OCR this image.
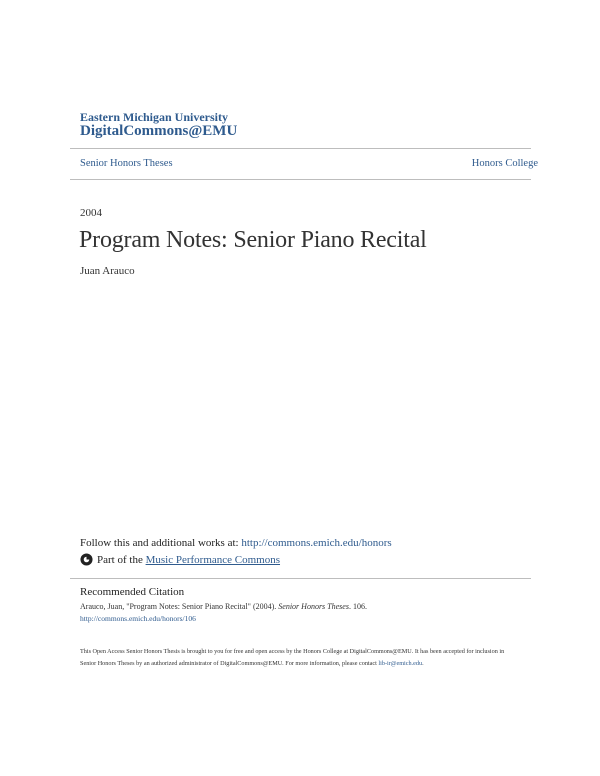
Eastern Michigan University
DigitalCommons@EMU
Senior Honors Theses	Honors College
2004
Program Notes: Senior Piano Recital
Juan Arauco
Follow this and additional works at: http://commons.emich.edu/honors
Part of the
Music Performance Commons
Recommended Citation
Arauco, Juan, "Program Notes: Senior Piano Recital" (2004). Senior Honors Theses. 106.
http://commons.emich.edu/honors/106
This Open Access Senior Honors Thesis is brought to you for free and open access by the Honors College at DigitalCommons@EMU. It has been accepted for inclusion in Senior Honors Theses by an authorized administrator of DigitalCommons@EMU. For more information, please contact lib-ir@emich.edu.
